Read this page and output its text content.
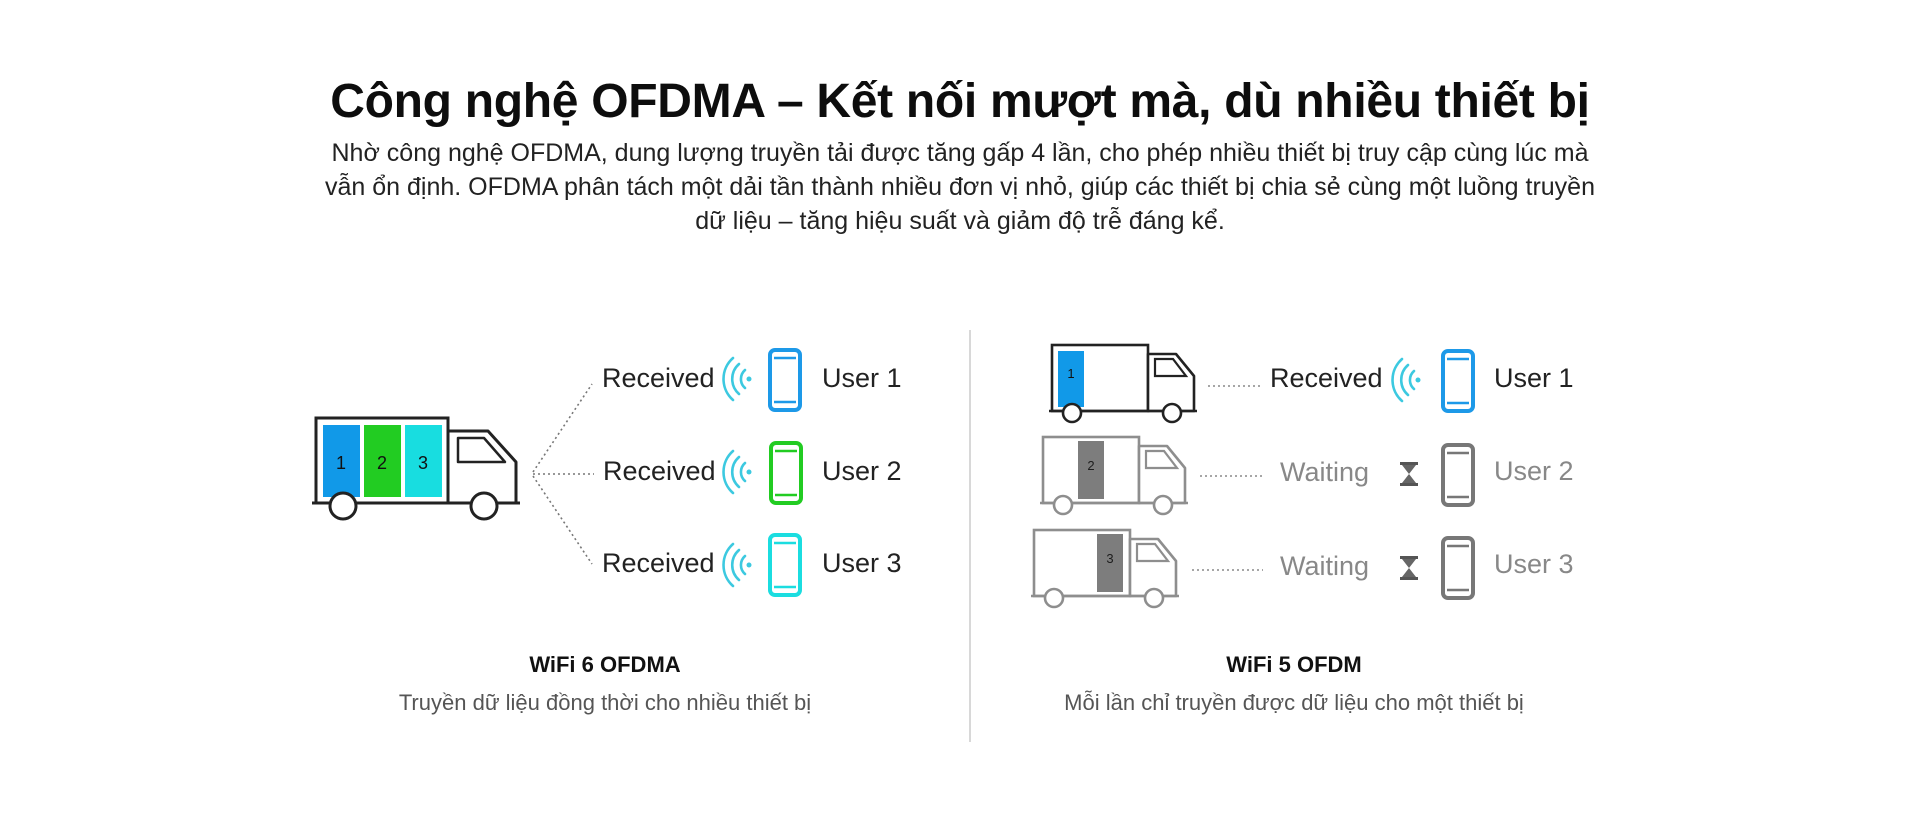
Công nghệ OFDMA – Kết nối mượt mà, dù nhiều thiết bị
Nhờ công nghệ OFDMA, dung lượng truyền tải được tăng gấp 4 lần, cho phép nhiều thiết bị truy cập cùng lúc mà
vẫn ổn định. OFDMA phân tách một dải tần thành nhiều đơn vị nhỏ, giúp các thiết bị chia sẻ cùng một luồng truyền
dữ liệu – tăng hiệu suất và giảm độ trễ đáng kể.
1 2 3
Received	User 1
Received	User 2
Received	User 3
WiFi 6 OFDMA
Truyền dữ liệu đồng thời cho nhiều thiết bị
1
2
3
Received	User 1
Waiting	User 2
Waiting	User 3
WiFi 5 OFDM
Mỗi lần chỉ truyền được dữ liệu cho một thiết bị
